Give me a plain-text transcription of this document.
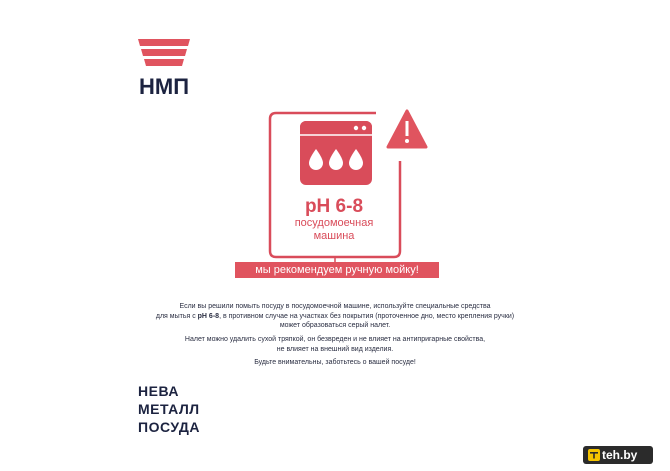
НМП
pH 6-8
посудомоечная
машина
мы рекомендуем ручную мойку!
Если вы решили помыть посуду в посудомоечной машине, используйте специальные средства
для мытья с pH 6-8, в противном случае на участках без покрытия (проточенное дно, место крепления ручки)
может образоваться серый налет.
Налет можно удалить сухой тряпкой, он безвреден и не влияет на антипригарные свойства,
не влияет на внешний вид изделия.
Будьте внимательны, заботьтесь о вашей посуде!
НЕВА
МЕТАЛЛ
ПОСУДА
teh.by
